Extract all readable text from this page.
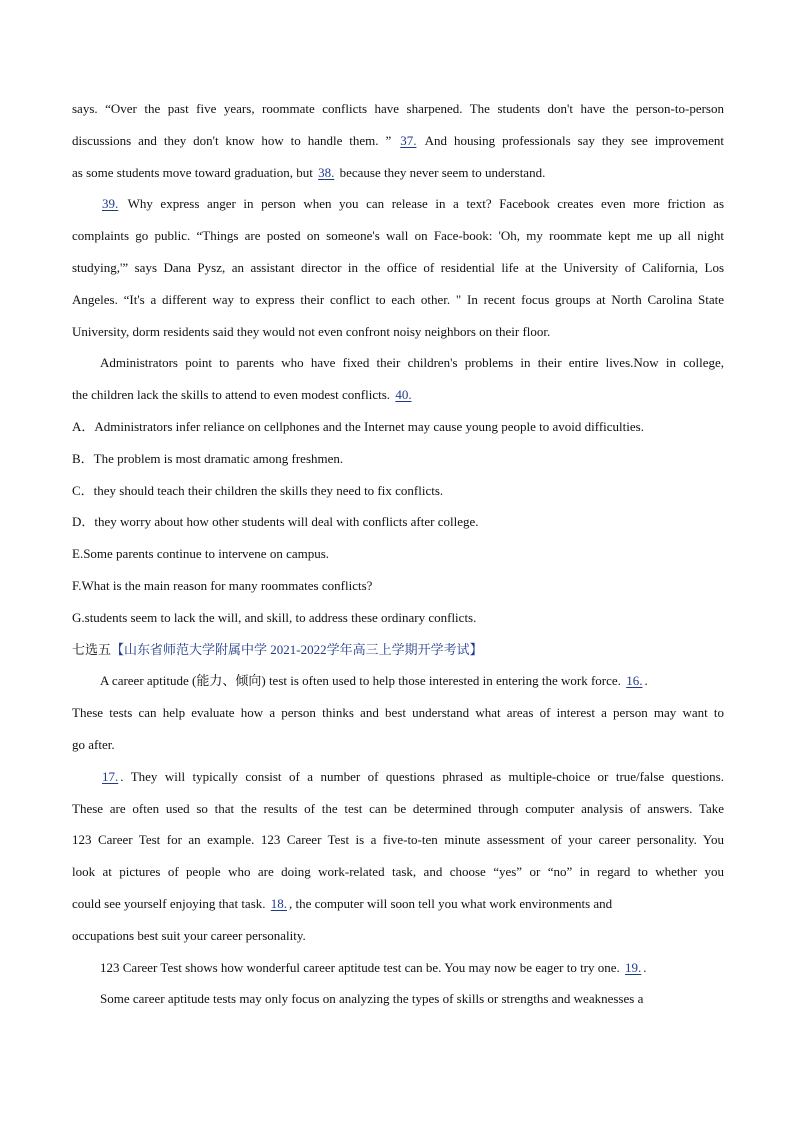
says. “Over the past five years, roommate conflicts have sharpened. The students don't have the person-to-person
discussions and they don't know how to handle them. ” 37. And housing professionals say they see improvement
as some students move toward graduation, but 38. because they never seem to understand.
39. Why express anger in person when you can release in a text? Facebook creates even more friction as
complaints go public. “Things are posted on someone's wall on Face-book: 'Oh, my roommate kept me up all night
studying,'” says Dana Pysz, an assistant director in the office of residential life at the University of California, Los
Angeles. “It's a different way to express their conflict to each other. " In recent focus groups at North Carolina State
University, dorm residents said they would not even confront noisy neighbors on their floor.
Administrators point to parents who have fixed their children's problems in their entire lives.Now in college,
the children lack the skills to attend to even modest conflicts. 40.
A．Administrators infer reliance on cellphones and the Internet may cause young people to avoid difficulties.
B．The problem is most dramatic among freshmen.
C．they should teach their children the skills they need to fix conflicts.
D．they worry about how other students will deal with conflicts after college.
E.Some parents continue to intervene on campus.
F.What is the main reason for many roommates conflicts?
G.students seem to lack the will, and skill, to address these ordinary conflicts.
七选五【山东省师范大学附属中学 2021-2022学年高三上学期开学考试】
A career aptitude (能力、倾向) test is often used to help those interested in entering the work force. 16. .
These tests can help evaluate how a person thinks and best understand what areas of interest a person may want to
go after.
17. . They will typically consist of a number of questions phrased as multiple-choice or true/false questions.
These are often used so that the results of the test can be determined through computer analysis of answers. Take
123 Career Test for an example. 123 Career Test is a five-to-ten minute assessment of your career personality. You
look at pictures of people who are doing work-related task, and choose “yes” or “no” in regard to whether you
could see yourself enjoying that task. 18. , the computer will soon tell you what work environments and
occupations best suit your career personality.
123 Career Test shows how wonderful career aptitude test can be. You may now be eager to try one. 19. .
Some career aptitude tests may only focus on analyzing the types of skills or strengths and weaknesses a
